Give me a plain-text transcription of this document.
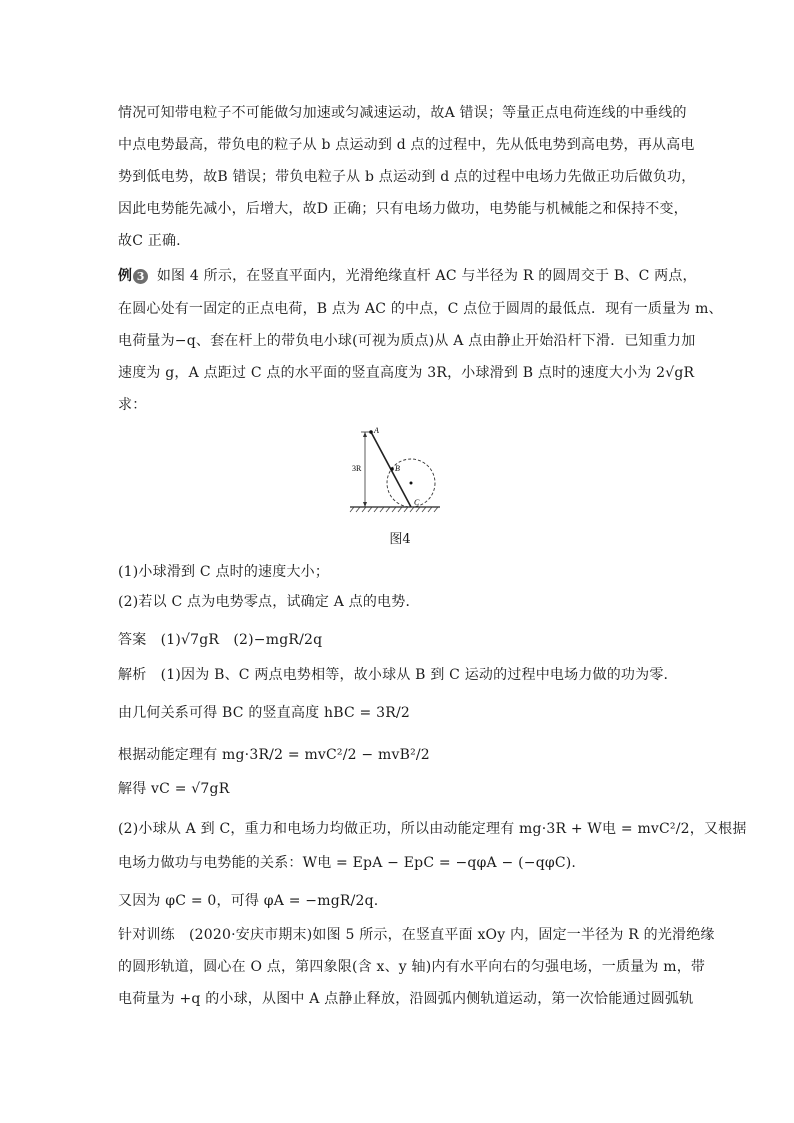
情况可知带电粒子不可能做匀加速或匀减速运动，故A 错误；等量正点电荷连线的中垂线的
中点电势最高，带负电的粒子从 b 点运动到 d 点的过程中，先从低电势到高电势，再从高电
势到低电势，故B 错误；带负电粒子从 b 点运动到 d 点的过程中电场力先做正功后做负功，
因此电势能先减小，后增大，故D 正确；只有电场力做功，电势能与机械能之和保持不变，
故C 正确.
例 3 如图 4 所示，在竖直平面内，光滑绝缘直杆 AC 与半径为 R 的圆周交于 B、C 两点，
在圆心处有一固定的正点电荷，B 点为 AC 的中点，C 点位于圆周的最低点．现有一质量为 m、
电荷量为−q、套在杆上的带负电小球(可视为质点)从 A 点由静止开始沿杆下滑．已知重力加
速度为 g，A 点距过 C 点的水平面的竖直高度为 3R，小球滑到 B 点时的速度大小为 2√gR
求：
A
B
C
3R
图4
(1)小球滑到 C 点时的速度大小；
(2)若以 C 点为电势零点，试确定 A 点的电势．
答案　(1)√7gR　(2)−mgR/2q
解析　(1)因为 B、C 两点电势相等，故小球从 B 到 C 运动的过程中电场力做的功为零.
由几何关系可得 BC 的竖直高度 hBC = 3R/2
根据动能定理有 mg·3R/2 = mvC²/2 − mvB²/2
解得 vC = √7gR
(2)小球从 A 到 C，重力和电场力均做正功，所以由动能定理有 mg·3R + W电 = mvC²/2，又根据
电场力做功与电势能的关系：W电 = EpA − EpC = −qφA − (−qφC).
又因为 φC = 0，可得 φA = −mgR/2q.
针对训练　(2020·安庆市期末)如图 5 所示，在竖直平面 xOy 内，固定一半径为 R 的光滑绝缘
的圆形轨道，圆心在 O 点，第四象限(含 x、y 轴)内有水平向右的匀强电场，一质量为 m，带
电荷量为 +q 的小球，从图中 A 点静止释放，沿圆弧内侧轨道运动，第一次恰能通过圆弧轨
